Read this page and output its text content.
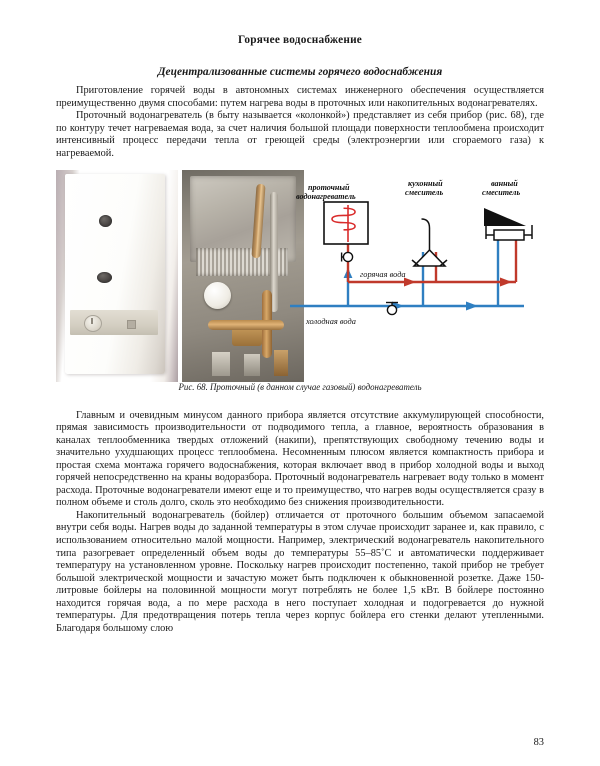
Горячее водоснабжение
Децентрализованные системы горячего водоснабжения

Приготовление горячей воды в автономных системах инженерного обеспечения осуществляется преимущественно двумя способами: путем нагрева воды в проточных или накопительных водонагревателях.

Проточный водонагреватель (в быту называется «колонкой») представляет из себя прибор (рис. 68), где по контуру течет нагреваемая вода, за счет наличия большой площади поверхности теплообмена происходит интенсивный процесс передачи тепла от греющей среды (электроэнергии или сгораемого газа) к нагреваемой.

проточный
водонагреватель
кухонный
смеситель
ванный
смеситель
горячая вода
холодная вода

Рис. 68. Проточный (в данном случае газовый) водонагреватель

Главным и очевидным минусом данного прибора является отсутствие аккумулирующей способности, прямая зависимость производительности от подводимого тепла, а главное, вероятность образования в каналах теплообменника твердых отложений (накипи), препятствующих свободному течению воды и значительно ухудшающих процесс теплообмена. Несомненным плюсом является компактность прибора и простая схема монтажа горячего водоснабжения, которая включает ввод в прибор холодной воды и выход горячей непосредственно на краны водоразбора. Проточный водонагреватель нагревает воду только в момент расхода. Проточные водонагреватели имеют еще и то преимущество, что нагрев воды осуществляется сразу в полном объеме и столь долго, сколь это необходимо без снижения производительности.

Накопительный водонагреватель (бойлер) отличается от проточного большим объемом запасаемой внутри себя воды. Нагрев воды до заданной температуры в этом случае происходит заранее и, как правило, с использованием относительно малой мощности. Например, электрический водонагреватель накопительного типа разогревает определенный объем воды до температуры 55–85˚С и автоматически поддерживает температуру на установленном уровне. Поскольку нагрев происходит постепенно, такой прибор не требует большой электрической мощности и зачастую может быть подключен к обыкновенной розетке. Даже 150-литровые бойлеры на половинной мощности могут потреблять не более 1,5 кВт. В бойлере постоянно находится горячая вода, а по мере расхода в него поступает холодная и подогревается до нужной температуры. Для предотвращения потерь тепла через корпус бойлера его стенки делают утепленными. Благодаря большому слою

83
